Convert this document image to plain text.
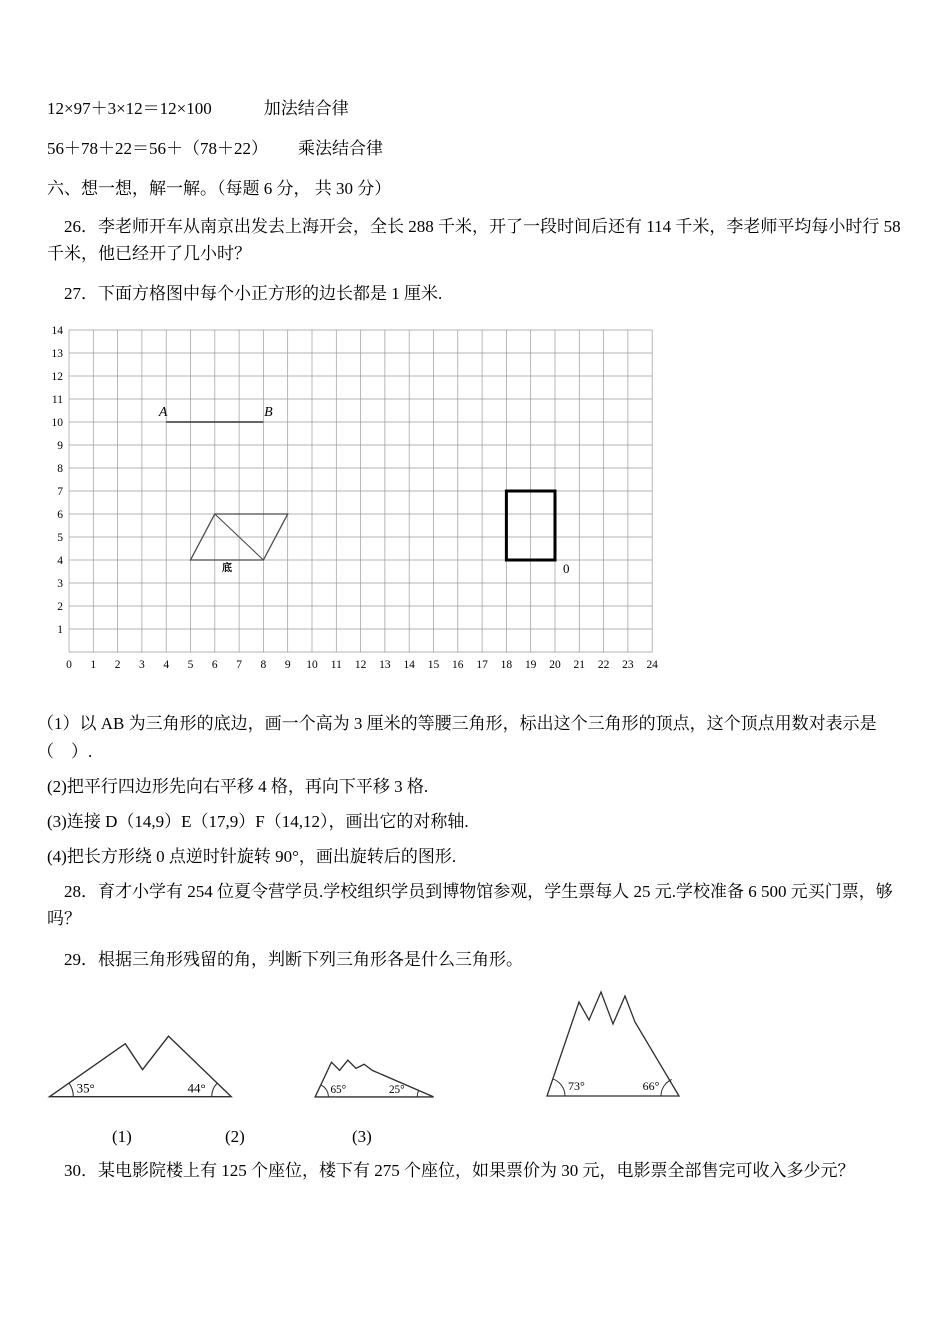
12×97＋3×12＝12×100	加法结合律

56＋78＋22＝56＋（78＋22） 乘法结合律

六、想一想，解一解。（每题 6 分， 共 30 分）

26．李老师开车从南京出发去上海开会，全长 288 千米，开了一段时间后还有 114 千米，李老师平均每小时行 58 千米，他已经开了几小时？

27．下面方格图中每个小正方形的边长都是 1 厘米.

0 1 2 3 4 5 6 7 8 9 10 11 12 13 14 15 16 17 18 19 20 21 22 23 24
1
2
3
4
5
6
7
8
9
10
11
12
13
14
A	B
底	0

（1）以 AB 为三角形的底边，画一个高为 3 厘米的等腰三角形，标出这个三角形的顶点，这个顶点用数对表示是（　）.

(2)把平行四边形先向右平移 4 格，再向下平移 3 格.

(3)连接 D（14,9）E（17,9）F（14,12），画出它的对称轴.

(4)把长方形绕 0 点逆时针旋转 90°，画出旋转后的图形.

28．育才小学有 254 位夏令营学员.学校组织学员到博物馆参观，学生票每人 25 元.学校准备 6 500 元买门票，够吗？

29．根据三角形残留的角，判断下列三角形各是什么三角形。

35°	44°	65°	25°	73°	66°
(1)	(2)	(3)

30．某电影院楼上有 125 个座位，楼下有 275 个座位，如果票价为 30 元，电影票全部售完可收入多少元？
